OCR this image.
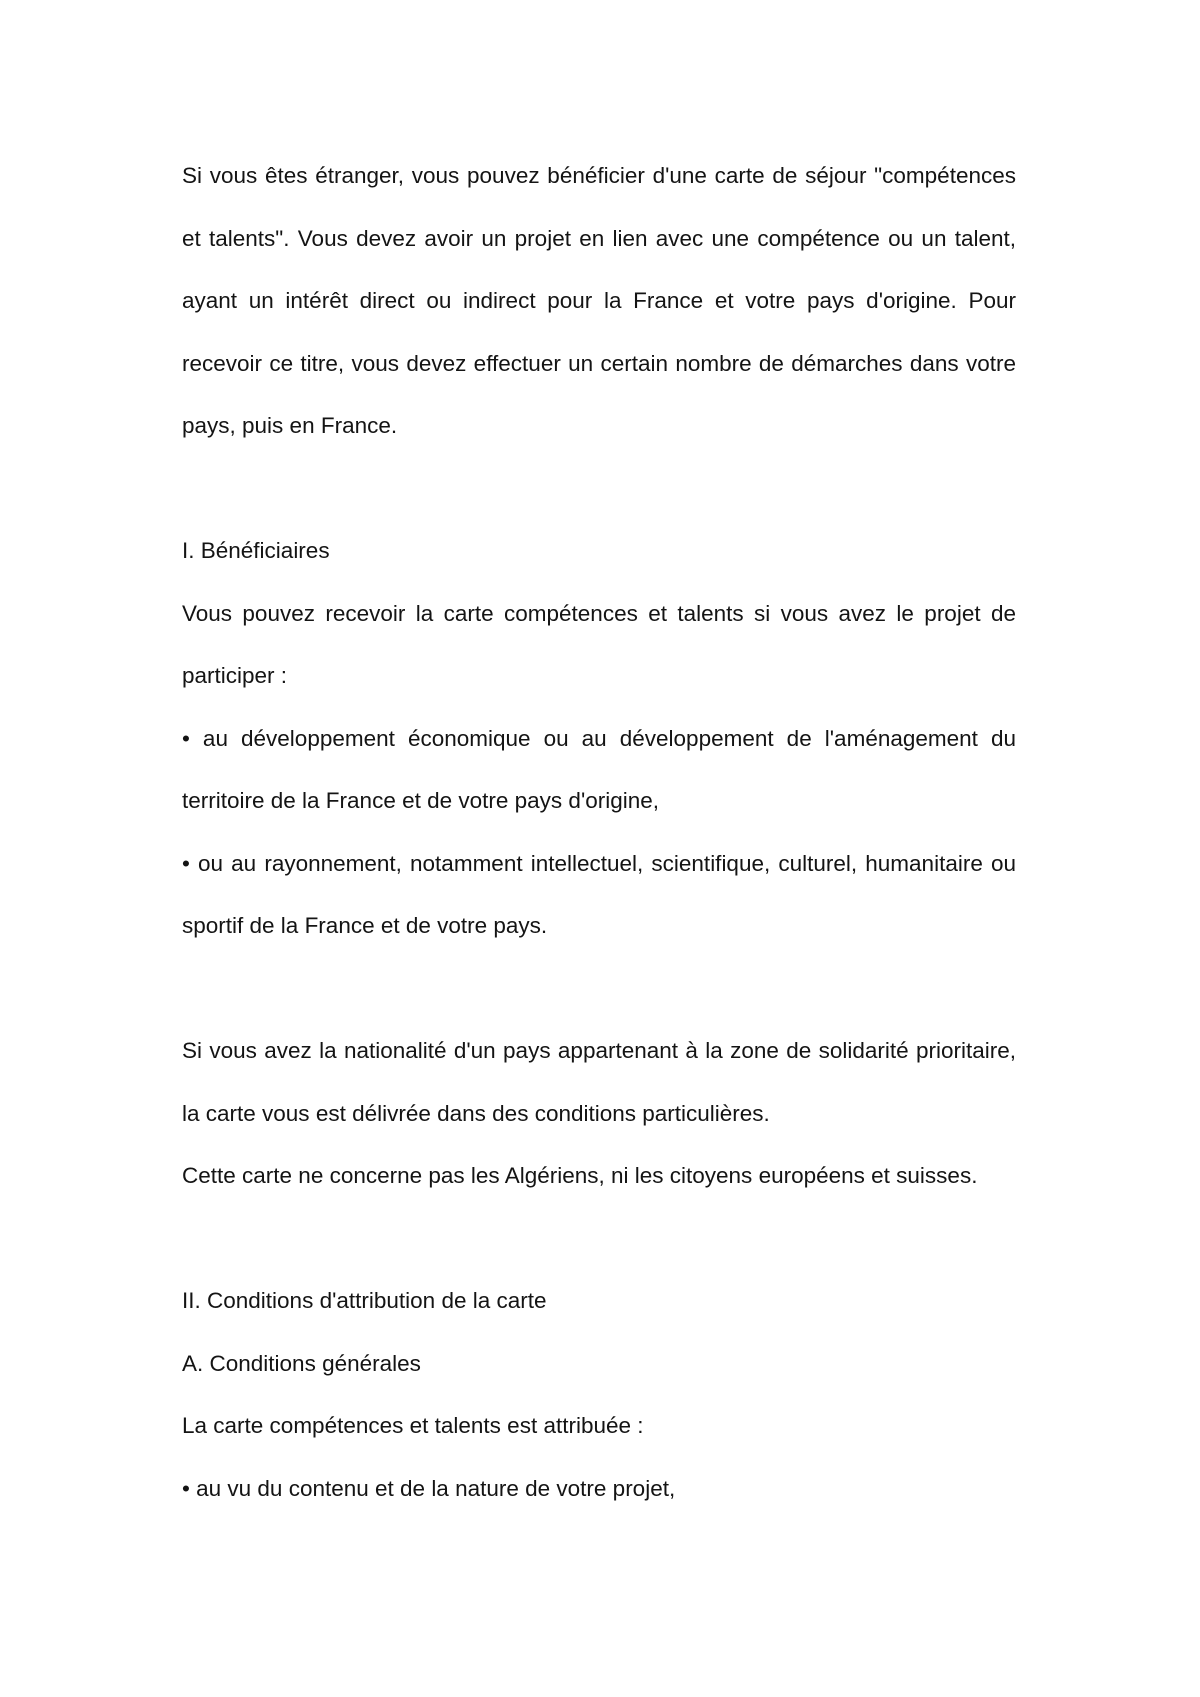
Si vous êtes étranger, vous pouvez bénéficier d'une carte de séjour "compétences et talents". Vous devez avoir un projet en lien avec une compétence ou un talent, ayant un intérêt direct ou indirect pour la France et votre pays d'origine. Pour recevoir ce titre, vous devez effectuer un certain nombre de démarches dans votre pays, puis en France.

I. Bénéficiaires

Vous pouvez recevoir la carte compétences et talents si vous avez le projet de participer :

• au développement économique ou au développement de l'aménagement du territoire de la France et de votre pays d'origine,

• ou au rayonnement, notamment intellectuel, scientifique, culturel, humanitaire ou sportif de la France et de votre pays.

Si vous avez la nationalité d'un pays appartenant à la zone de solidarité prioritaire, la carte vous est délivrée dans des conditions particulières.

Cette carte ne concerne pas les Algériens, ni les citoyens européens et suisses.

II. Conditions d'attribution de la carte

A. Conditions générales

La carte compétences et talents est attribuée :

• au vu du contenu et de la nature de votre projet,
